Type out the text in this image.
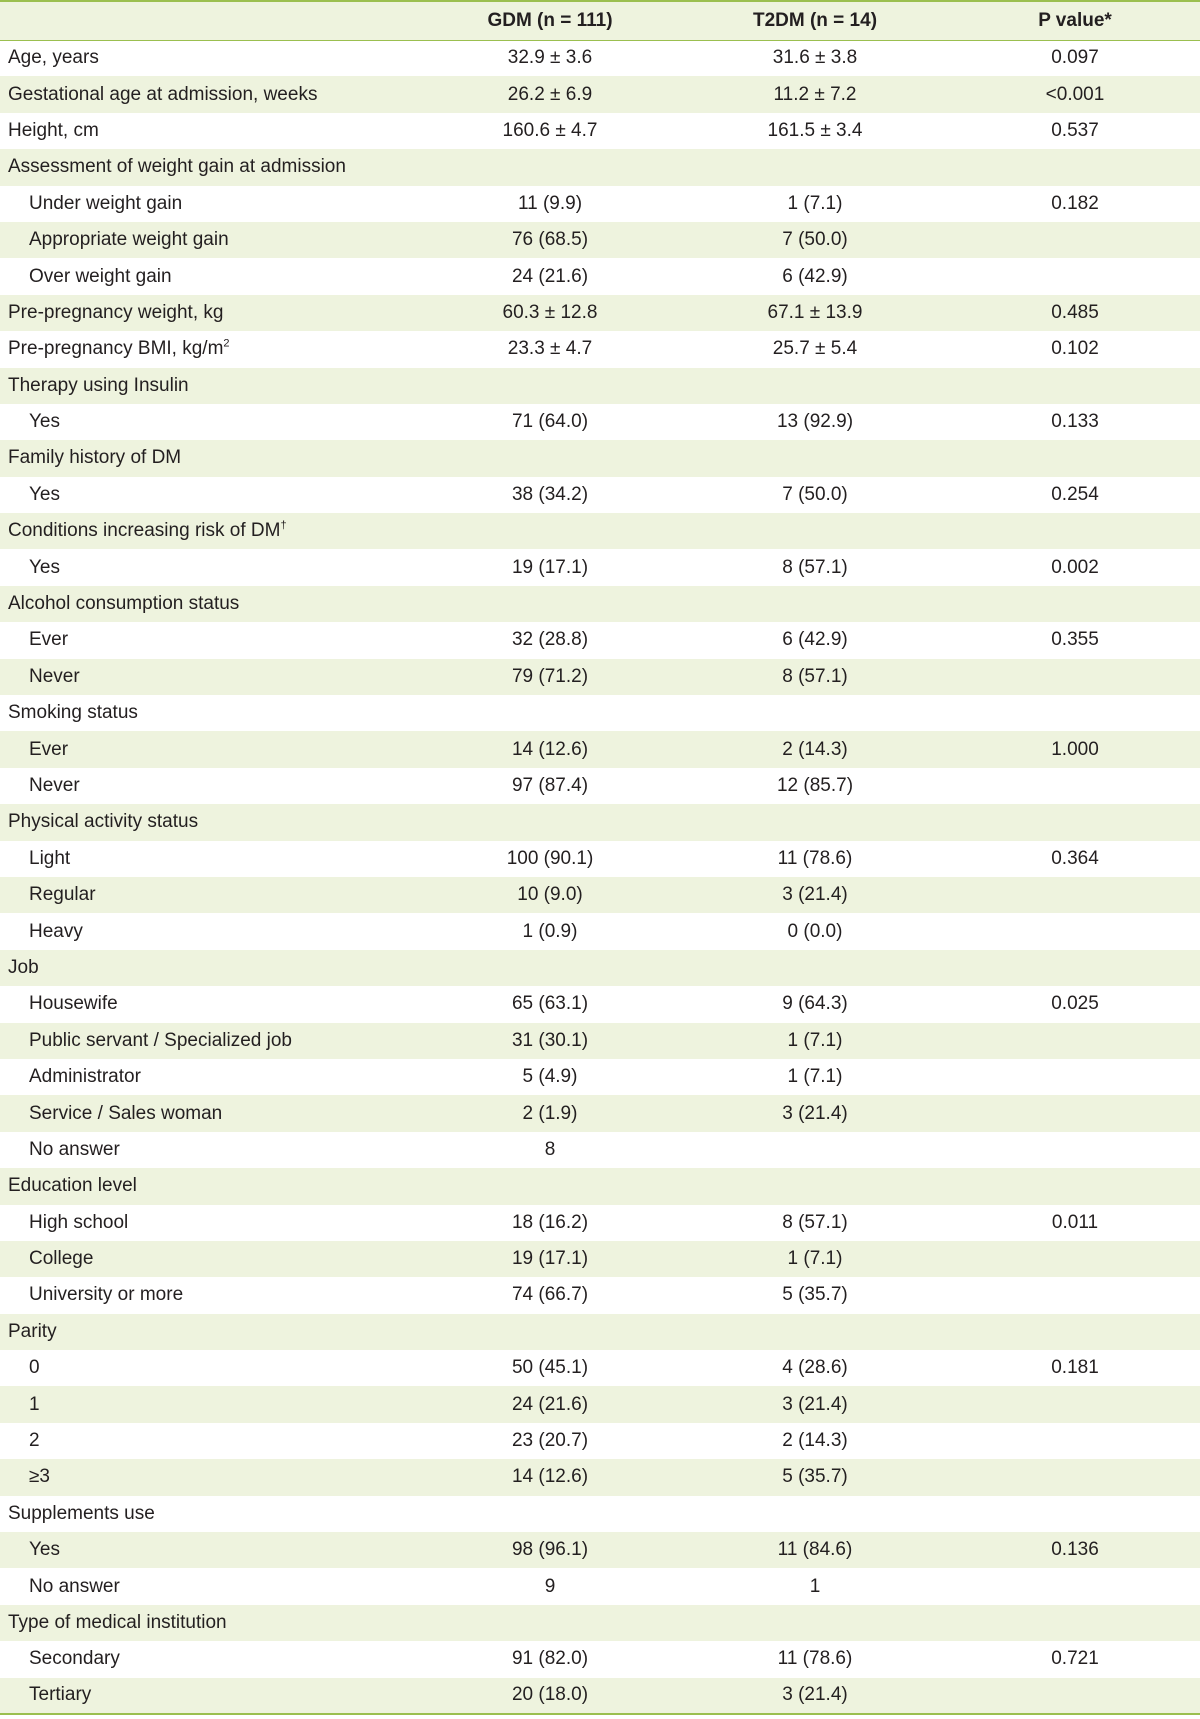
	GDM (n = 111)	T2DM (n = 14)	P value*
Age, years	32.9 ± 3.6	31.6 ± 3.8	0.097
Gestational age at admission, weeks	26.2 ± 6.9	11.2 ± 7.2	<0.001
Height, cm	160.6 ± 4.7	161.5 ± 3.4	0.537
Assessment of weight gain at admission			
Under weight gain	11 (9.9)	1 (7.1)	0.182
Appropriate weight gain	76 (68.5)	7 (50.0)	
Over weight gain	24 (21.6)	6 (42.9)	
Pre-pregnancy weight, kg	60.3 ± 12.8	67.1 ± 13.9	0.485
Pre-pregnancy BMI, $kg/m^2$	23.3 ± 4.7	25.7 ± 5.4	0.102
Therapy using Insulin			
Yes	71 (64.0)	13 (92.9)	0.133
Family history of DM			
Yes	38 (34.2)	7 (50.0)	0.254
Conditions increasing risk of DM†			
Yes	19 (17.1)	8 (57.1)	0.002
Alcohol consumption status			
Ever	32 (28.8)	6 (42.9)	0.355
Never	79 (71.2)	8 (57.1)	
Smoking status			
Ever	14 (12.6)	2 (14.3)	1.000
Never	97 (87.4)	12 (85.7)	
Physical activity status			
Light	100 (90.1)	11 (78.6)	0.364
Regular	10 (9.0)	3 (21.4)	
Heavy	1 (0.9)	0 (0.0)	
Job			
Housewife	65 (63.1)	9 (64.3)	0.025
Public servant / Specialized job	31 (30.1)	1 (7.1)	
Administrator	5 (4.9)	1 (7.1)	
Service / Sales woman	2 (1.9)	3 (21.4)	
No answer	8		
Education level			
High school	18 (16.2)	8 (57.1)	0.011
College	19 (17.1)	1 (7.1)	
University or more	74 (66.7)	5 (35.7)	
Parity			
0	50 (45.1)	4 (28.6)	0.181
1	24 (21.6)	3 (21.4)	
2	23 (20.7)	2 (14.3)	
≥3	14 (12.6)	5 (35.7)	
Supplements use			
Yes	98 (96.1)	11 (84.6)	0.136
No answer	9	1	
Type of medical institution			
Secondary	91 (82.0)	11 (78.6)	0.721
Tertiary	20 (18.0)	3 (21.4)	
